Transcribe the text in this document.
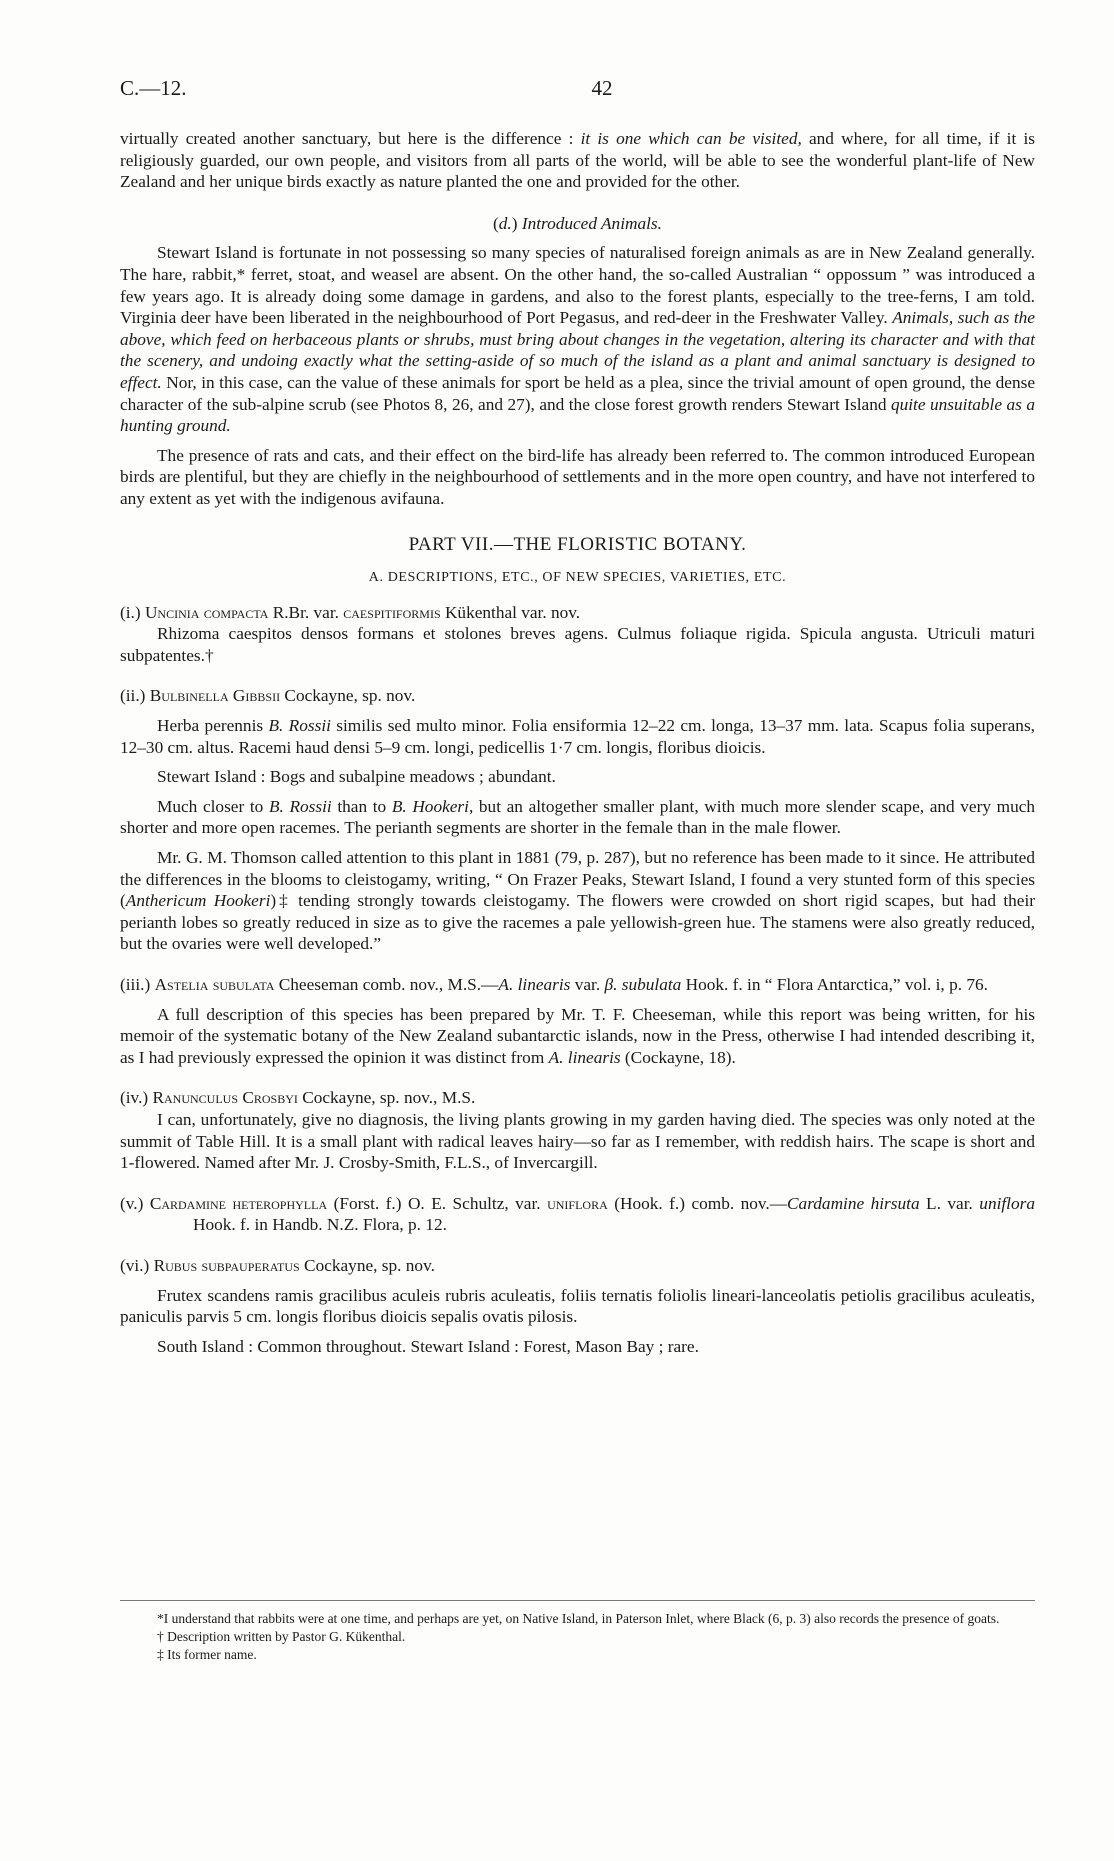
C.—12.	42

virtually created another sanctuary, but here is the difference : it is one which can be visited, and where, for all time, if it is religiously guarded, our own people, and visitors from all parts of the world, will be able to see the wonderful plant-life of New Zealand and her unique birds exactly as nature planted the one and provided for the other.

(d.) Introduced Animals.

Stewart Island is fortunate in not possessing so many species of naturalised foreign animals as are in New Zealand generally. The hare, rabbit,* ferret, stoat, and weasel are absent. On the other hand, the so-called Australian “ oppossum ” was introduced a few years ago. It is already doing some damage in gardens, and also to the forest plants, especially to the tree-ferns, I am told. Virginia deer have been liberated in the neighbourhood of Port Pegasus, and red-deer in the Freshwater Valley. Animals, such as the above, which feed on herbaceous plants or shrubs, must bring about changes in the vegetation, altering its character and with that the scenery, and undoing exactly what the setting-aside of so much of the island as a plant and animal sanctuary is designed to effect. Nor, in this case, can the value of these animals for sport be held as a plea, since the trivial amount of open ground, the dense character of the sub-alpine scrub (see Photos 8, 26, and 27), and the close forest growth renders Stewart Island quite unsuitable as a hunting ground.

The presence of rats and cats, and their effect on the bird-life has already been referred to. The common introduced European birds are plentiful, but they are chiefly in the neighbourhood of settlements and in the more open country, and have not interfered to any extent as yet with the indigenous avifauna.

PART VII.—THE FLORISTIC BOTANY.

A. DESCRIPTIONS, ETC., OF NEW SPECIES, VARIETIES, ETC.

(i.) Uncinia compacta R.Br. var. caespitiformis Kükenthal var. nov.

Rhizoma caespitos densos formans et stolones breves agens. Culmus foliaque rigida. Spicula angusta. Utriculi maturi subpatentes.†

(ii.) Bulbinella Gibbsii Cockayne, sp. nov.

Herba perennis B. Rossii similis sed multo minor. Folia ensiformia 12–22 cm. longa, 13–37 mm. lata. Scapus folia superans, 12–30 cm. altus. Racemi haud densi 5–9 cm. longi, pedicellis 1·7 cm. longis, floribus dioicis.

Stewart Island : Bogs and subalpine meadows ; abundant.

Much closer to B. Rossii than to B. Hookeri, but an altogether smaller plant, with much more slender scape, and very much shorter and more open racemes. The perianth segments are shorter in the female than in the male flower.

Mr. G. M. Thomson called attention to this plant in 1881 (79, p. 287), but no reference has been made to it since. He attributed the differences in the blooms to cleistogamy, writing, “ On Frazer Peaks, Stewart Island, I found a very stunted form of this species (Anthericum Hookeri)‡ tending strongly towards cleistogamy. The flowers were crowded on short rigid scapes, but had their perianth lobes so greatly reduced in size as to give the racemes a pale yellowish-green hue. The stamens were also greatly reduced, but the ovaries were well developed.”

(iii.) Astelia subulata Cheeseman comb. nov., M.S.—A. linearis var. β. subulata Hook. f. in “ Flora Antarctica,” vol. i, p. 76.

A full description of this species has been prepared by Mr. T. F. Cheeseman, while this report was being written, for his memoir of the systematic botany of the New Zealand subantarctic islands, now in the Press, otherwise I had intended describing it, as I had previously expressed the opinion it was distinct from A. linearis (Cockayne, 18).

(iv.) Ranunculus Crosbyi Cockayne, sp. nov., M.S.

I can, unfortunately, give no diagnosis, the living plants growing in my garden having died. The species was only noted at the summit of Table Hill. It is a small plant with radical leaves hairy—so far as I remember, with reddish hairs. The scape is short and 1-flowered. Named after Mr. J. Crosby-Smith, F.L.S., of Invercargill.

(v.) Cardamine heterophylla (Forst. f.) O. E. Schultz, var. uniflora (Hook. f.) comb. nov.—Cardamine hirsuta L. var. uniflora Hook. f. in Handb. N.Z. Flora, p. 12.

(vi.) Rubus subpauperatus Cockayne, sp. nov.

Frutex scandens ramis gracilibus aculeis rubris aculeatis, foliis ternatis foliolis lineari-lanceolatis petiolis gracilibus aculeatis, paniculis parvis 5 cm. longis floribus dioicis sepalis ovatis pilosis.

South Island : Common throughout. Stewart Island : Forest, Mason Bay ; rare.

*I understand that rabbits were at one time, and perhaps are yet, on Native Island, in Paterson Inlet, where Black (6, p. 3) also records the presence of goats.

† Description written by Pastor G. Kükenthal.

‡ Its former name.
